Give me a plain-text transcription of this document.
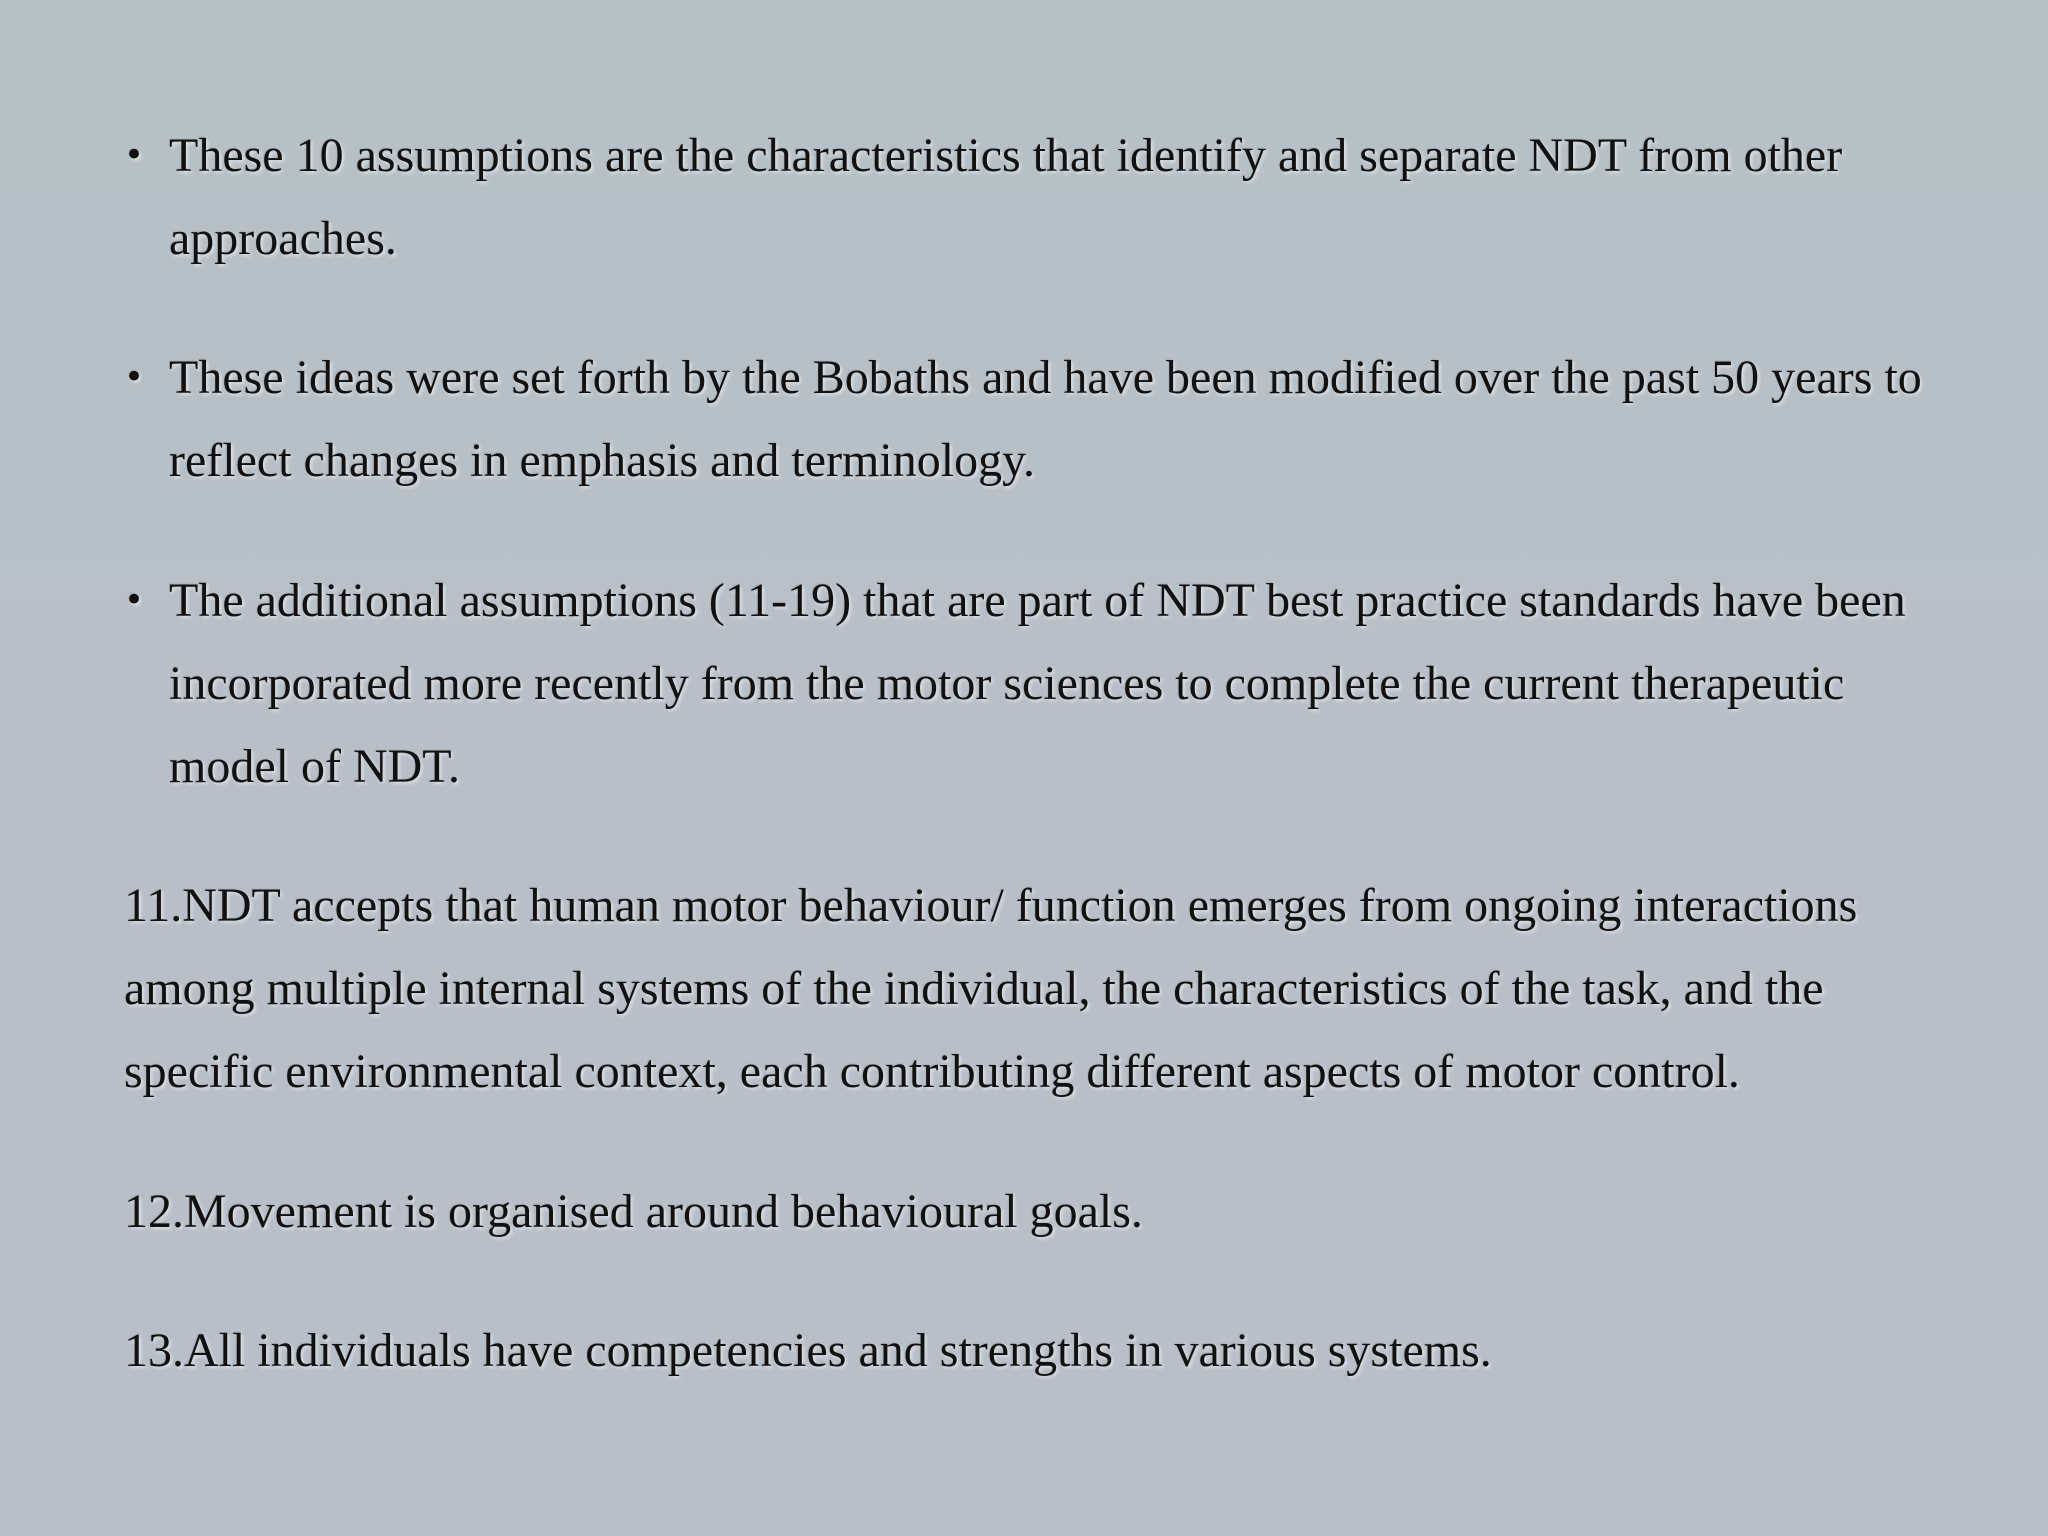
• These 10 assumptions are the characteristics that identify and separate NDT from other approaches.

• These ideas were set forth by the Bobaths and have been modified over the past 50 years to reflect changes in emphasis and terminology.

• The additional assumptions (11-19) that are part of NDT best practice standards have been incorporated more recently from the motor sciences to complete the current therapeutic model of NDT.

11.NDT accepts that human motor behaviour/ function emerges from ongoing interactions among multiple internal systems of the individual, the characteristics of the task, and the specific environmental context, each contributing different aspects of motor control.

12.Movement is organised around behavioural goals.

13.All individuals have competencies and strengths in various systems.
